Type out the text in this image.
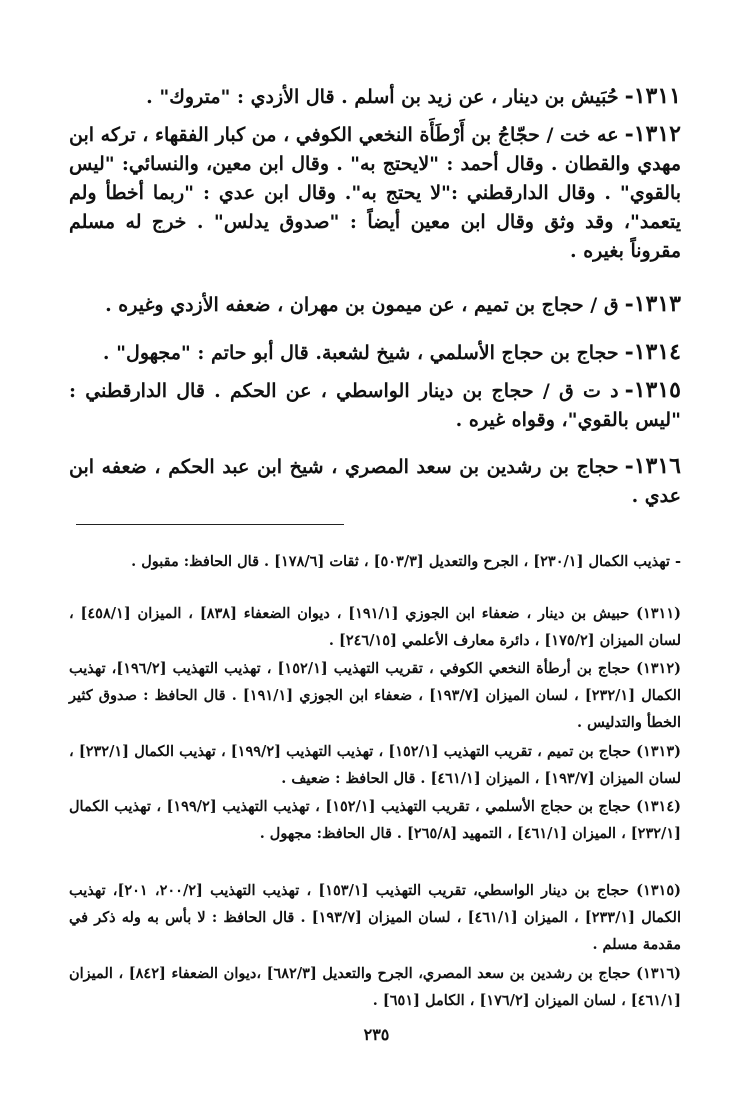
١٣١١-حُبَيش بن دينار ، عن زيد بن أسلم . قال الأزدي : "متروك" .
١٣١٢-عه خت / حجّاجُ بن أَرْطَأَة النخعي الكوفي ، من كبار الفقهاء ، تركه ابن مهدي والقطان . وقال أحمد : "لايحتج به" . وقال ابن معين، والنسائي: "ليس بالقوي" . وقال الدارقطني :"لا يحتج به". وقال ابن عدي : "ربما أخطأ ولم يتعمد"، وقد وثق وقال ابن معين أيضاً : "صدوق يدلس" . خرج له مسلم مقروناً بغيره .
١٣١٣-ق / حجاج بن تميم ، عن ميمون بن مهران ، ضعفه الأزدي وغيره .
١٣١٤-حجاج بن حجاج الأسلمي ، شيخ لشعبة. قال أبو حاتم : "مجهول" .
١٣١٥-د ت ق / حجاج بن دينار الواسطي ، عن الحكم . قال الدارقطني : "ليس بالقوي"، وقواه غيره .
١٣١٦-حجاج بن رشدين بن سعد المصري ، شيخ ابن عبد الحكم ، ضعفه ابن عدي .
- تهذيب الكمال [٢٣٠/١] ، الجرح والتعديل [٥٠٣/٣] ، ثقات [١٧٨/٦] . قال الحافظ: مقبول .
(١٣١١) حبيش بن دينار ، ضعفاء ابن الجوزي [١٩١/١] ، ديوان الضعفاء [٨٣٨] ، الميزان [٤٥٨/١] ، لسان الميزان [١٧٥/٢] ، دائرة معارف الأعلمي [٢٤٦/١٥] .
(١٣١٢) حجاج بن أرطأة النخعي الكوفي ، تقريب التهذيب [١٥٢/١] ، تهذيب التهذيب [١٩٦/٢]، تهذيب الكمال [٢٣٢/١] ، لسان الميزان [١٩٣/٧] ، ضعفاء ابن الجوزي [١٩١/١] . قال الحافظ : صدوق كثير الخطأ والتدليس .
(١٣١٣) حجاج بن تميم ، تقريب التهذيب [١٥٢/١] ، تهذيب التهذيب [١٩٩/٢] ، تهذيب الكمال [٢٣٢/١] ، لسان الميزان [١٩٣/٧] ، الميزان [٤٦١/١] . قال الحافظ : ضعيف .
(١٣١٤) حجاج بن حجاج الأسلمي ، تقريب التهذيب [١٥٢/١] ، تهذيب التهذيب [١٩٩/٢] ، تهذيب الكمال [٢٣٢/١] ، الميزان [٤٦١/١] ، التمهيد [٢٦٥/٨] . قال الحافظ: مجهول .
(١٣١٥) حجاج بن دينار الواسطي، تقريب التهذيب [١٥٣/١] ، تهذيب التهذيب [٢٠٠/٢، ٢٠١]، تهذيب الكمال [٢٣٣/١] ، الميزان [٤٦١/١] ، لسان الميزان [١٩٣/٧] . قال الحافظ : لا بأس به وله ذكر في مقدمة مسلم .
(١٣١٦) حجاج بن رشدين بن سعد المصري، الجرح والتعديل [٦٨٢/٣] ،ديوان الضعفاء [٨٤٢] ، الميزان [٤٦١/١] ، لسان الميزان [١٧٦/٢] ، الكامل [٦٥١] .
٢٣٥
